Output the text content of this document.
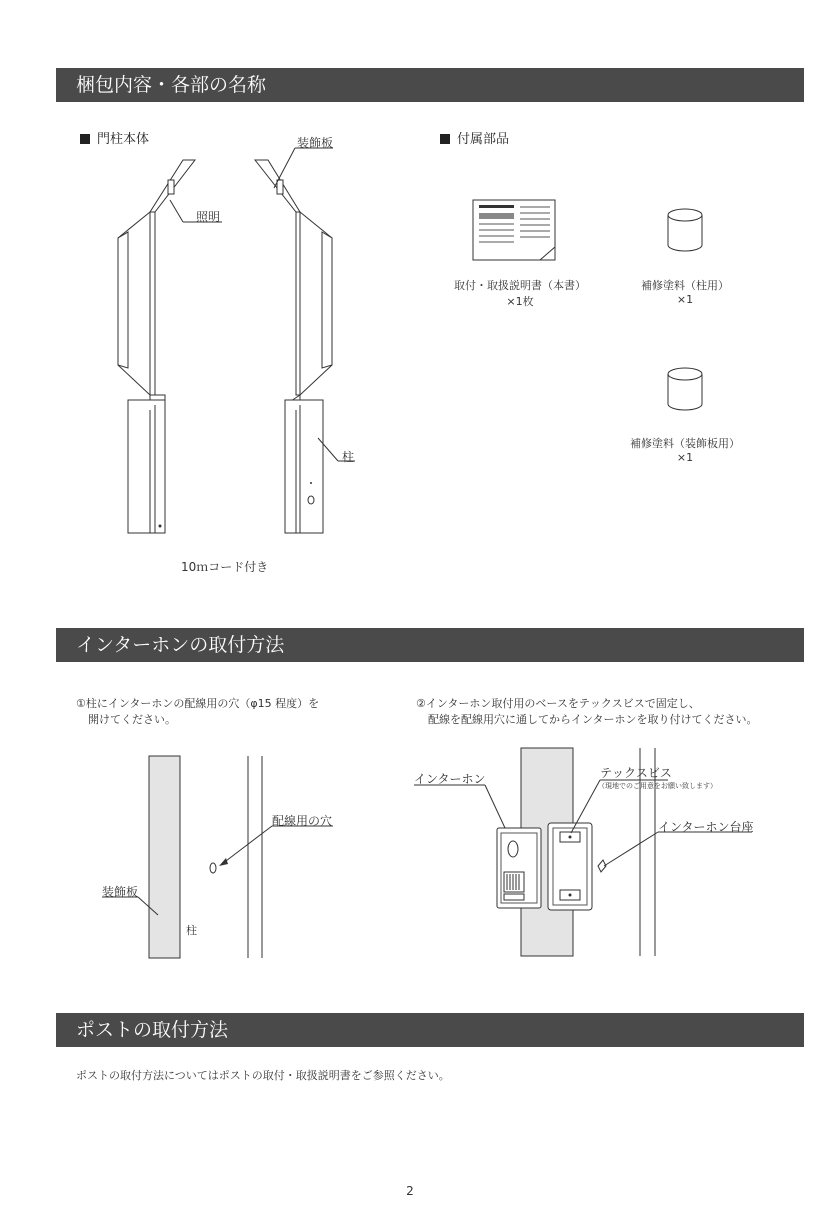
梱包内容・各部の名称
門柱本体	付属部品
装飾板
照明
柱
10ｍコード付き
取付・取扱説明書（本書）
×1枚
補修塗料（柱用）
×1
補修塗料（装飾板用）
×1
インターホンの取付方法
①柱にインターホンの配線用の穴（φ15 程度）を
開けてください。
②インターホン取付用のベースをテックスビスで固定し、
配線を配線用穴に通してからインターホンを取り付けてください。
配線用の穴
装飾板
柱
インターホン	テックスビス
（現地でのご用意をお願い致します）
インターホン台座
ポストの取付方法
ポストの取付方法についてはポストの取付・取扱説明書をご参照ください。
2
